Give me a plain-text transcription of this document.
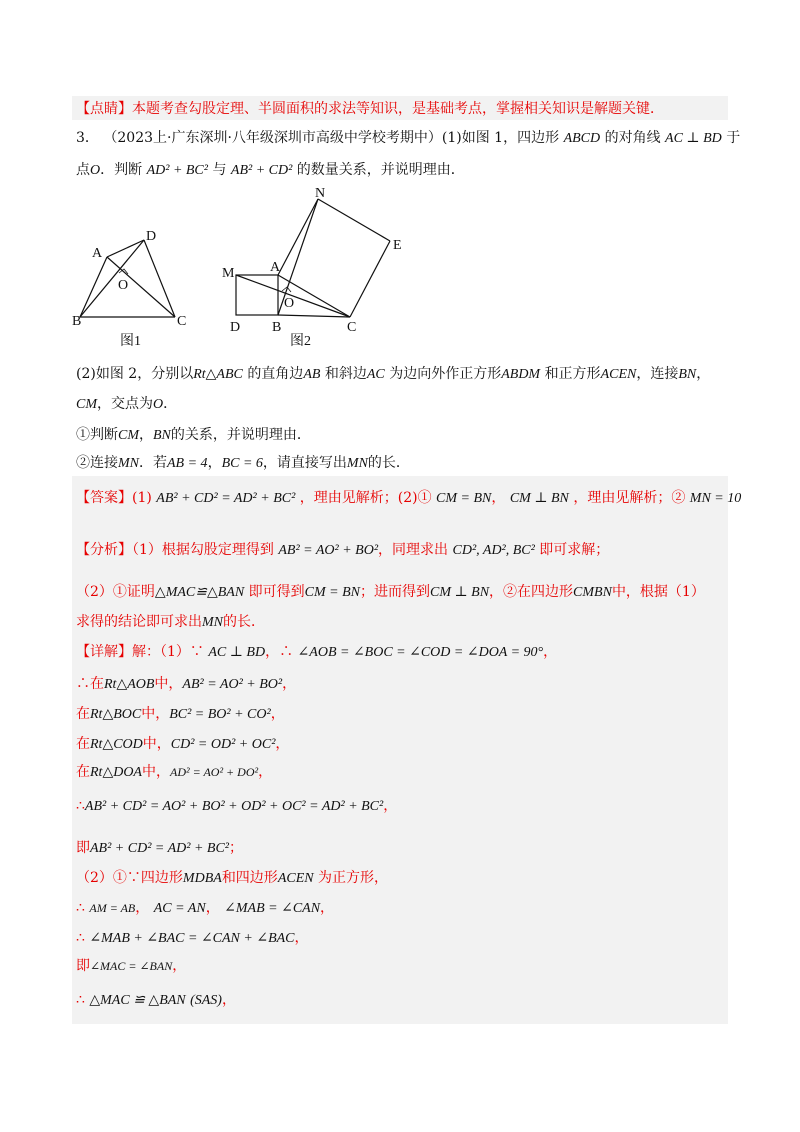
【点睛】本题考查勾股定理、半圆面积的求法等知识，是基础考点，掌握相关知识是解题关键．
3． （2023上·广东深圳·八年级深圳市高级中学校考期中）(1)如图 1，四边形 ABCD 的对角线 AC ⊥ BD 于
点O．判断 AD² + BC² 与 AB² + CD² 的数量关系，并说明理由．
A
D
O
B	C
图1
N
E
M	A
O
D B	C
图2
(2)如图 2，分别以Rt△ABC 的直角边AB 和斜边AC 为边向外作正方形ABDM 和正方形ACEN，连接BN，
CM，交点为O．
①判断CM，BN的关系，并说明理由．
②连接MN．若AB = 4，BC = 6，请直接写出MN的长．
【答案】(1) AB² + CD² = AD² + BC² ，理由见解析；(2)① CM = BN， CM ⊥ BN ，理由见解析；② MN = 10
【分析】（1）根据勾股定理得到 AB² = AO² + BO²，同理求出 CD², AD², BC² 即可求解；
（2）①证明△MAC≌△BAN 即可得到CM = BN；进而得到CM ⊥ BN，②在四边形CMBN中，根据（1）
求得的结论即可求出MN的长．
【详解】解：（1）∵ AC ⊥ BD，∴ ∠AOB = ∠BOC = ∠COD = ∠DOA = 90°，
∴在Rt△AOB中，AB² = AO² + BO²，
在Rt△BOC中，BC² = BO² + CO²，
在Rt△COD中，CD² = OD² + OC²，
在Rt△DOA中，AD² = AO² + DO²，
∴AB² + CD² = AO² + BO² + OD² + OC² = AD² + BC²，
即AB² + CD² = AD² + BC²；
（2）①∵四边形MDBA和四边形ACEN 为正方形，
∴ AM = AB， AC = AN， ∠MAB = ∠CAN，
∴ ∠MAB + ∠BAC = ∠CAN + ∠BAC，
即∠MAC = ∠BAN，
∴ △MAC ≌ △BAN (SAS)，
